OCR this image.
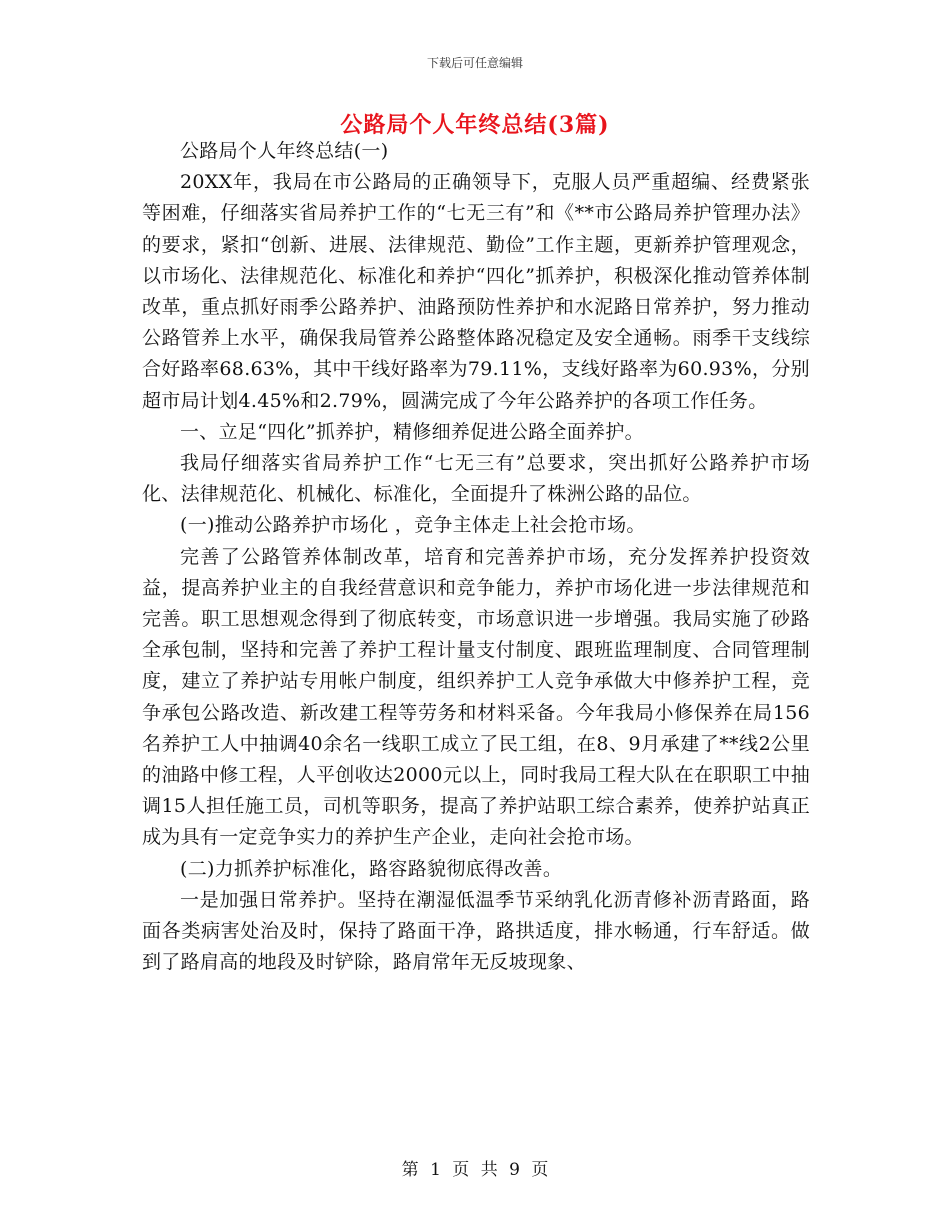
下载后可任意编辑
公路局个人年终总结(3篇)

公路局个人年终总结(一)

20XX年，我局在市公路局的正确领导下，克服人员严重超编、经费紧张等困难，仔细落实省局养护工作的“七无三有”和《**市公路局养护管理办法》的要求，紧扣“创新、进展、法律规范、勤俭”工作主题，更新养护管理观念，以市场化、法律规范化、标准化和养护“四化”抓养护，积极深化推动管养体制改革，重点抓好雨季公路养护、油路预防性养护和水泥路日常养护，努力推动公路管养上水平，确保我局管养公路整体路况稳定及安全通畅。雨季干支线综合好路率68.63%，其中干线好路率为79.11%，支线好路率为60.93%，分别超市局计划4.45%和2.79%，圆满完成了今年公路养护的各项工作任务。

一、立足“四化”抓养护，精修细养促进公路全面养护。

我局仔细落实省局养护工作“七无三有”总要求，突出抓好公路养护市场化、法律规范化、机械化、标准化，全面提升了株洲公路的品位。

(一)推动公路养护市场化 ，竞争主体走上社会抢市场。

完善了公路管养体制改革，培育和完善养护市场，充分发挥养护投资效益，提高养护业主的自我经营意识和竞争能力，养护市场化进一步法律规范和完善。职工思想观念得到了彻底转变，市场意识进一步增强。我局实施了砂路全承包制，坚持和完善了养护工程计量支付制度、跟班监理制度、合同管理制度，建立了养护站专用帐户制度，组织养护工人竞争承做大中修养护工程，竞争承包公路改造、新改建工程等劳务和材料采备。今年我局小修保养在局156名养护工人中抽调40余名一线职工成立了民工组，在8、9月承建了**线2公里的油路中修工程，人平创收达2000元以上，同时我局工程大队在在职职工中抽调15人担任施工员，司机等职务，提高了养护站职工综合素养，使养护站真正成为具有一定竞争实力的养护生产企业，走向社会抢市场。

(二)力抓养护标准化，路容路貌彻底得改善。

一是加强日常养护。坚持在潮湿低温季节采纳乳化沥青修补沥青路面，路面各类病害处治及时，保持了路面干净，路拱适度，排水畅通，行车舒适。做到了路肩高的地段及时铲除，路肩常年无反坡现象、

第 1 页 共 9 页
